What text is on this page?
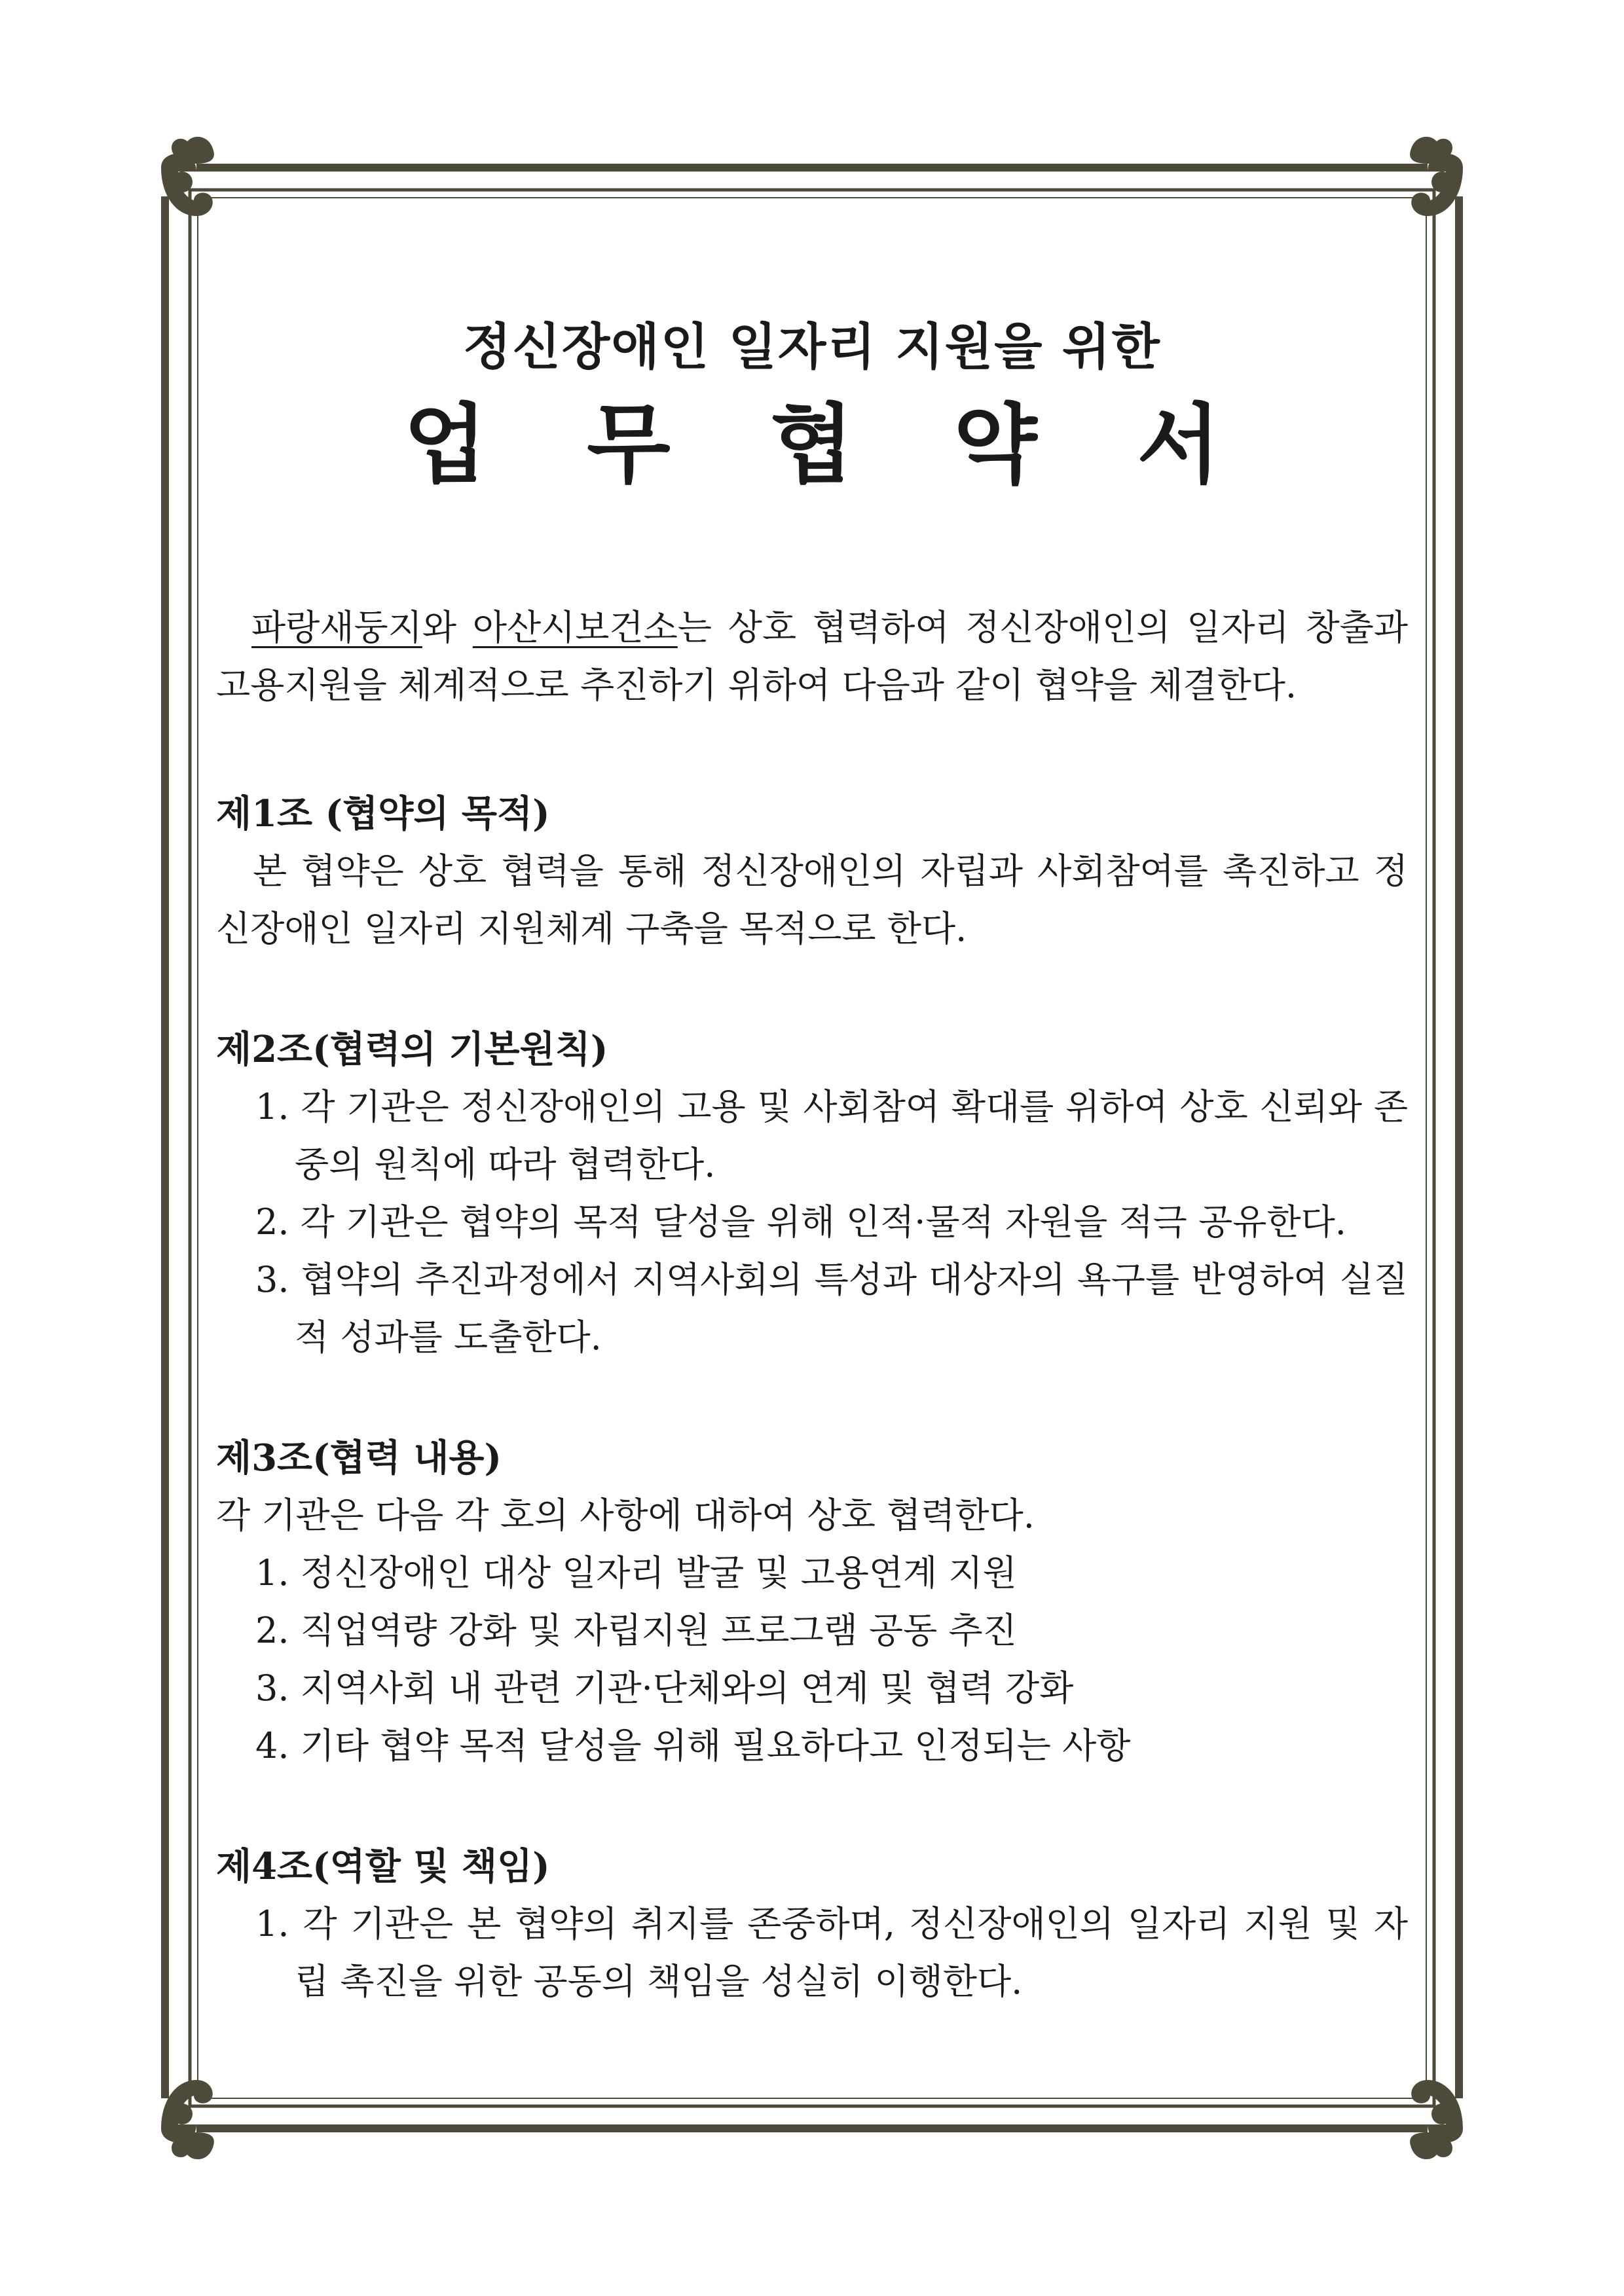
정신장애인 일자리 지원을 위한

업	무	협	약	서

 파랑새둥지와 아산시보건소는 상호 협력하여 정신장애인의 일자리 창출과 고용지원을 체계적으로 추진하기 위하여 다음과 같이 협약을 체결한다.

제1조 (협약의 목적)

본 협약은 상호 협력을 통해 정신장애인의 자립과 사회참여를 촉진하고 정신장애인 일자리 지원체계 구축을 목적으로 한다.

제2조(협력의 기본원칙)

1. 각 기관은 정신장애인의 고용 및 사회참여 확대를 위하여 상호 신뢰와 존중의 원칙에 따라 협력한다.
2. 각 기관은 협약의 목적 달성을 위해 인적·물적 자원을 적극 공유한다.
3. 협약의 추진과정에서 지역사회의 특성과 대상자의 욕구를 반영하여 실질적 성과를 도출한다.

제3조(협력 내용)

각 기관은 다음 각 호의 사항에 대하여 상호 협력한다.

1. 정신장애인 대상 일자리 발굴 및 고용연계 지원
2. 직업역량 강화 및 자립지원 프로그램 공동 추진
3. 지역사회 내 관련 기관·단체와의 연계 및 협력 강화
4. 기타 협약 목적 달성을 위해 필요하다고 인정되는 사항

제4조(역할 및 책임)

1. 각 기관은 본 협약의 취지를 존중하며, 정신장애인의 일자리 지원 및 자립 촉진을 위한 공동의 책임을 성실히 이행한다.
